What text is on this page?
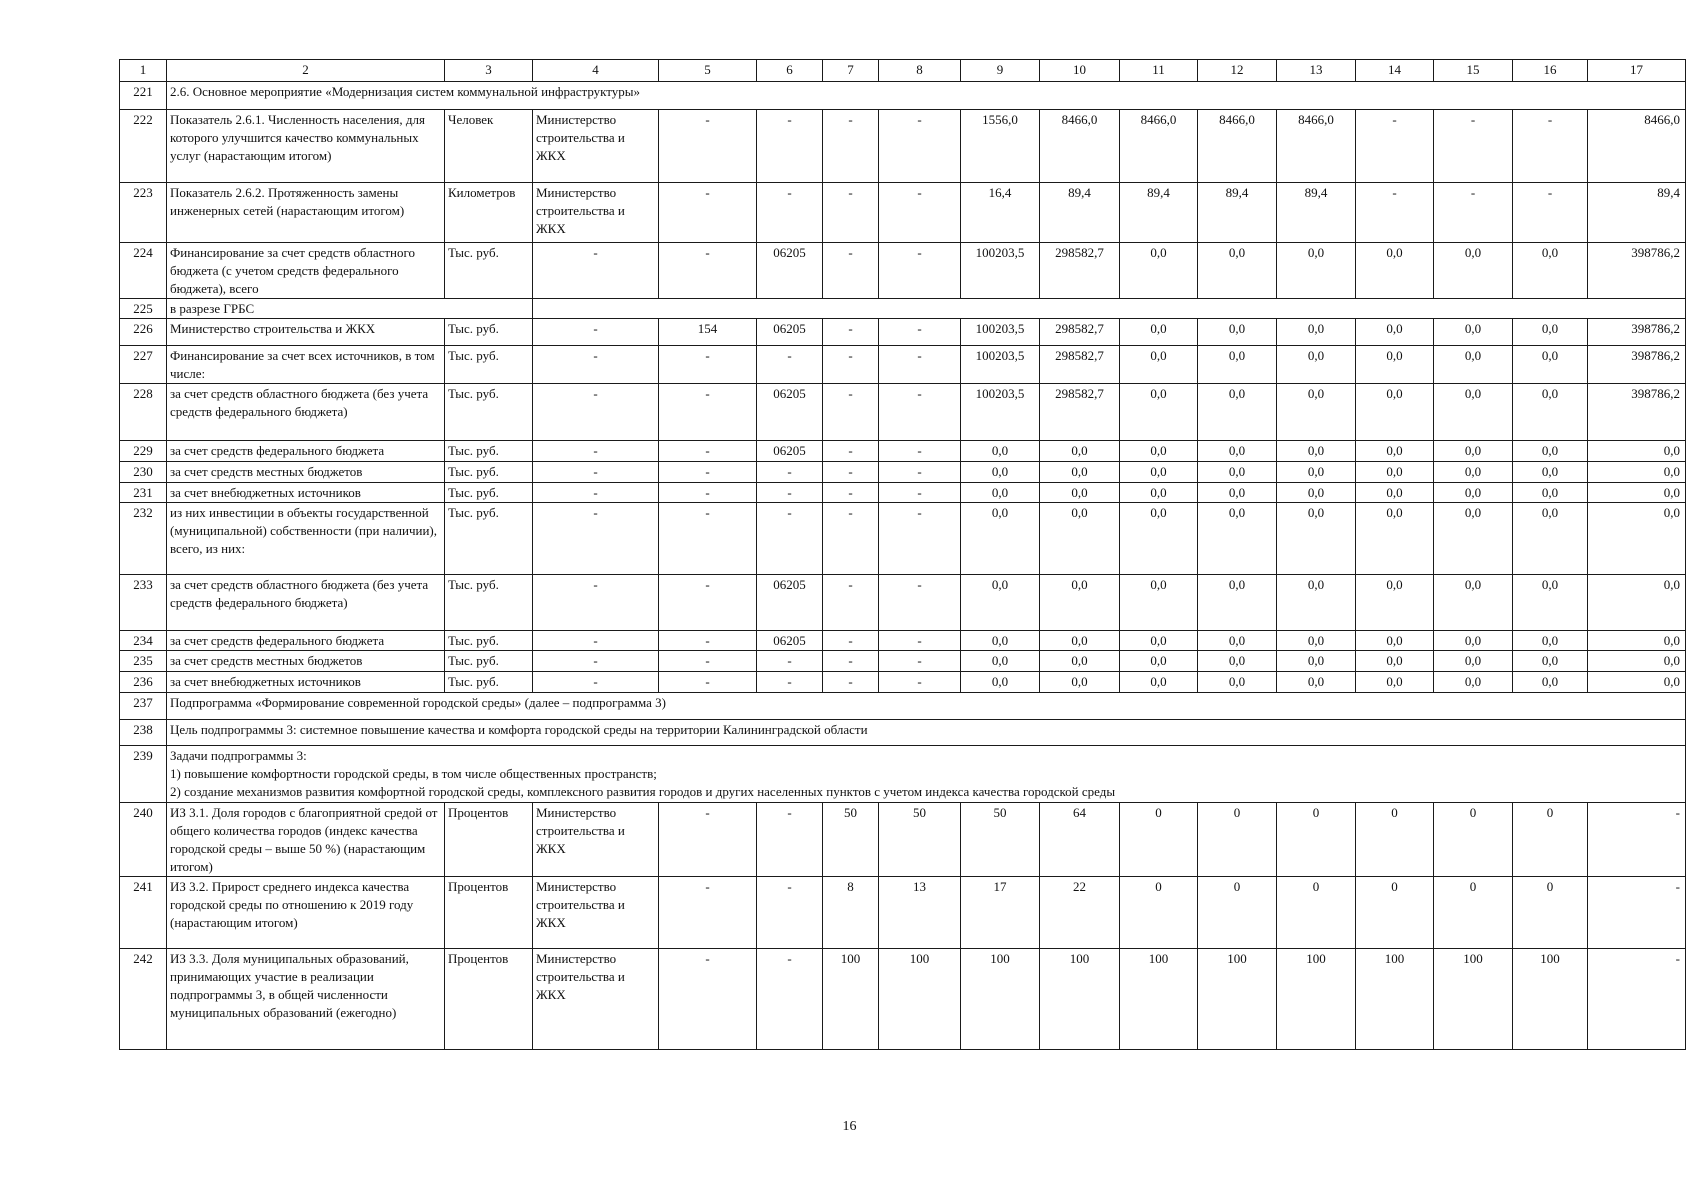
1	2	3	4	5	6	7	8	9	10	11	12	13	14	15	16	17
221	2.6. Основное мероприятие «Модернизация систем коммунальной инфраструктуры»															
222	Показатель 2.6.1. Численность населения, для которого улучшится качество коммунальных услуг (нарастающим итогом)	Человек	Министерство строительства и ЖКХ	-	-	-	-	1556,0	8466,0	8466,0	8466,0	8466,0	-	-	-	8466,0
223	Показатель 2.6.2. Протяженность замены инженерных сетей (нарастающим итогом)	Километров	Министерство строительства и ЖКХ	-	-	-	-	16,4	89,4	89,4	89,4	89,4	-	-	-	89,4
224	Финансирование за счет средств областного бюджета (с учетом средств федерального бюджета), всего	Тыс. руб.	-	-	06205	-	-	100203,5	298582,7	0,0	0,0	0,0	0,0	0,0	0,0	398786,2
225	в разрезе ГРБС															
226	Министерство строительства и ЖКХ	Тыс. руб.	-	154	06205	-	-	100203,5	298582,7	0,0	0,0	0,0	0,0	0,0	0,0	398786,2
227	Финансирование за счет всех источников, в том числе:	Тыс. руб.	-	-	-	-	-	100203,5	298582,7	0,0	0,0	0,0	0,0	0,0	0,0	398786,2
228	за счет средств областного бюджета (без учета средств федерального бюджета)	Тыс. руб.	-	-	06205	-	-	100203,5	298582,7	0,0	0,0	0,0	0,0	0,0	0,0	398786,2
229	за счет средств федерального бюджета	Тыс. руб.	-	-	06205	-	-	0,0	0,0	0,0	0,0	0,0	0,0	0,0	0,0	0,0
230	за счет средств местных бюджетов	Тыс. руб.	-	-	-	-	-	0,0	0,0	0,0	0,0	0,0	0,0	0,0	0,0	0,0
231	за счет внебюджетных источников	Тыс. руб.	-	-	-	-	-	0,0	0,0	0,0	0,0	0,0	0,0	0,0	0,0	0,0
232	из них инвестиции в объекты государственной (муниципальной) собственности (при наличии), всего, из них:	Тыс. руб.	-	-	-	-	-	0,0	0,0	0,0	0,0	0,0	0,0	0,0	0,0	0,0
233	за счет средств областного бюджета (без учета средств федерального бюджета)	Тыс. руб.	-	-	06205	-	-	0,0	0,0	0,0	0,0	0,0	0,0	0,0	0,0	0,0
234	за счет средств федерального бюджета	Тыс. руб.	-	-	06205	-	-	0,0	0,0	0,0	0,0	0,0	0,0	0,0	0,0	0,0
235	за счет средств местных бюджетов	Тыс. руб.	-	-	-	-	-	0,0	0,0	0,0	0,0	0,0	0,0	0,0	0,0	0,0
236	за счет внебюджетных источников	Тыс. руб.	-	-	-	-	-	0,0	0,0	0,0	0,0	0,0	0,0	0,0	0,0	0,0
237	Подпрограмма «Формирование современной городской среды» (далее – подпрограмма 3)															
238	Цель подпрограммы 3: системное повышение качества и комфорта городской среды на территории Калининградской области															
239	Задачи подпрограммы 3:
1) повышение комфортности городской среды, в том числе общественных пространств;
2) создание механизмов развития комфортной городской среды, комплексного развития городов и других населенных пунктов с учетом индекса качества городской среды															
240	ИЗ 3.1. Доля городов с благоприятной средой от общего количества городов (индекс качества городской среды – выше 50 %) (нарастающим итогом)	Процентов	Министерство строительства и ЖКХ	-	-	50	50	50	64	0	0	0	0	0	0	-
241	ИЗ 3.2. Прирост среднего индекса качества городской среды по отношению к 2019 году (нарастающим итогом)	Процентов	Министерство строительства и ЖКХ	-	-	8	13	17	22	0	0	0	0	0	0	-
242	ИЗ 3.3. Доля муниципальных образований, принимающих участие в реализации подпрограммы 3, в общей численности муниципальных образований (ежегодно)	Процентов	Министерство строительства и ЖКХ	-	-	100	100	100	100	100	100	100	100	100	100	-
16
